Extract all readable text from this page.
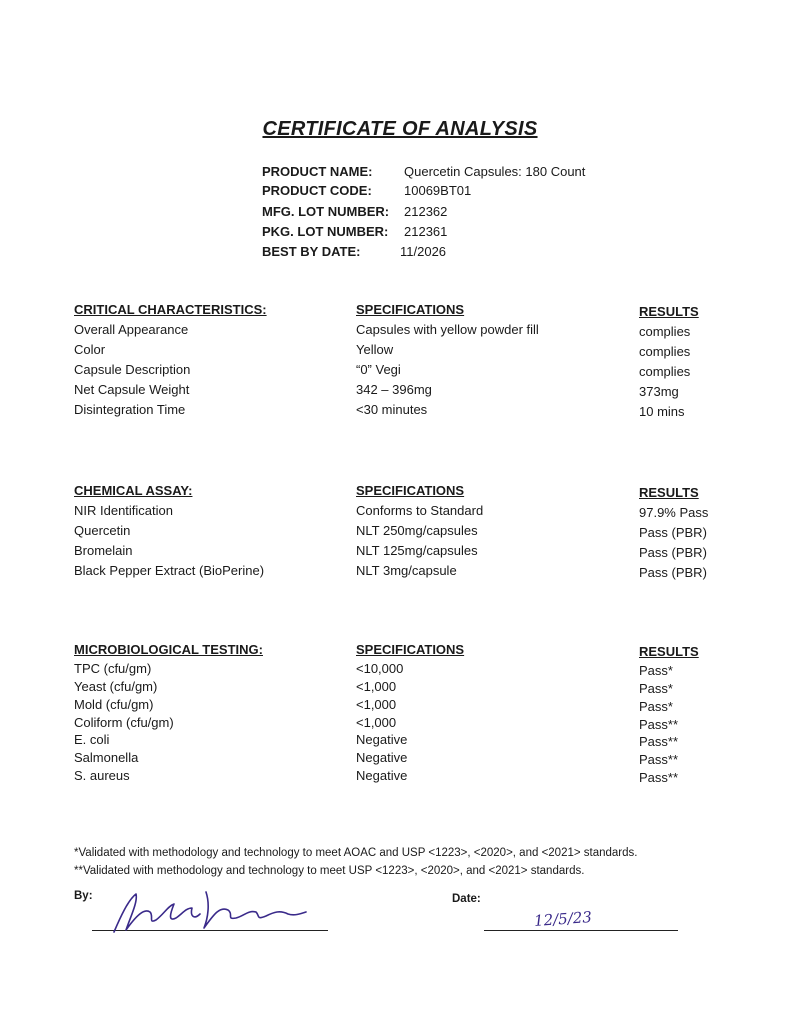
CERTIFICATE OF ANALYSIS
PRODUCT NAME:	Quercetin Capsules: 180 Count
PRODUCT CODE:	10069BT01
MFG. LOT NUMBER:	212362
PKG. LOT NUMBER:	212361
BEST BY DATE:	11/2026
CRITICAL CHARACTERISTICS:	SPECIFICATIONS	RESULTS
Overall Appearance	Capsules with yellow powder fill	complies
Color	Yellow	complies
Capsule Description	“0” Vegi	complies
Net Capsule Weight	342 – 396mg	373mg
Disintegration Time	<30 minutes	10 mins
CHEMICAL ASSAY:	SPECIFICATIONS	RESULTS
NIR Identification	Conforms to Standard	97.9% Pass
Quercetin	NLT 250mg/capsules	Pass (PBR)
Bromelain	NLT 125mg/capsules	Pass (PBR)
Black Pepper Extract (BioPerine)	NLT 3mg/capsule	Pass (PBR)
MICROBIOLOGICAL TESTING:	SPECIFICATIONS	RESULTS
TPC (cfu/gm)	<10,000	Pass*
Yeast (cfu/gm)	<1,000	Pass*
Mold (cfu/gm)	<1,000	Pass*
Coliform (cfu/gm)	<1,000	Pass**
E. coli	Negative	Pass**
Salmonella	Negative	Pass**
S. aureus	Negative	Pass**
*Validated with methodology and technology to meet AOAC and USP <1223>, <2020>, and <2021> standards.
**Validated with methodology and technology to meet USP <1223>, <2020>, and <2021> standards.
By:	Date:
12/5/23
